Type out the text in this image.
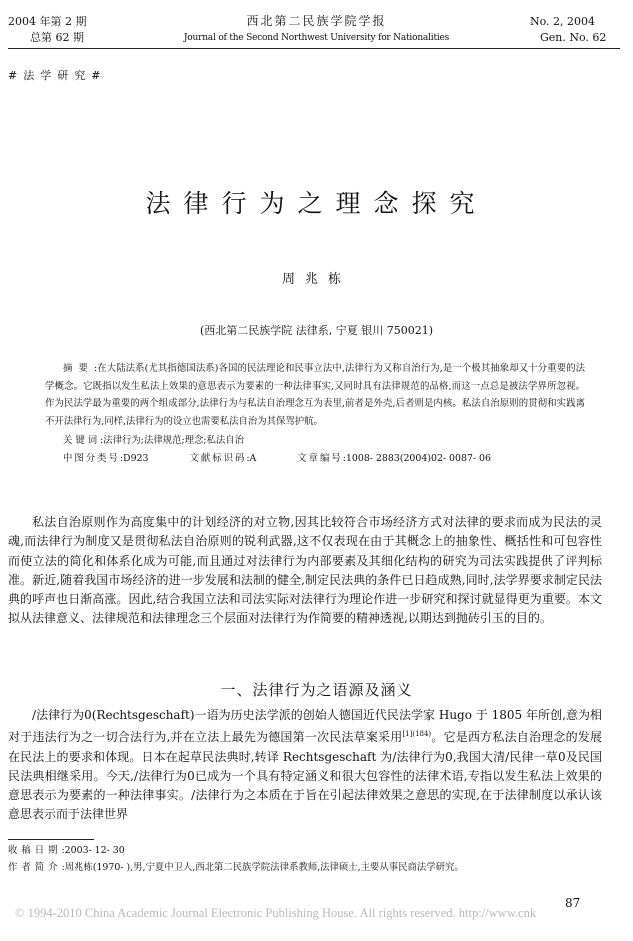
2004 年第 2 期
总第 62 期
西北第二民族学院学报
Journal of the Second Northwest University for Nationalities
No. 2, 2004
Gen. No. 62
#法学研究#
法律行为之理念探究
周兆栋
(西北第二民族学院 法律系, 宁夏 银川 750021)
摘要:在大陆法系(尤其指德国法系)各国的民法理论和民事立法中,法律行为又称自治行为,是一个极其抽象却又十分重要的法学概念。它既指以发生私法上效果的意思表示为要素的一种法律事实,又同时具有法律规范的品格,而这一点总是被法学界所忽视。作为民法学最为重要的两个组成部分,法律行为与私法自治理念互为表里,前者是外壳,后者则是内核。私法自治原则的贯彻和实践离不开法律行为,同样,法律行为的设立也需要私法自治为其保驾护航。
关键词:法律行为;法律规范;理念;私法自治
中图分类号:D923	文献标识码:A	文章编号:1008- 2883(2004)02- 0087- 06

私法自治原则作为高度集中的计划经济的对立物,因其比较符合市场经济方式对法律的要求而成为民法的灵魂,而法律行为制度又是贯彻私法自治原则的锐利武器,这不仅表现在由于其概念上的抽象性、概括性和可包容性而使立法的简化和体系化成为可能,而且通过对法律行为内部要素及其细化结构的研究为司法实践提供了评判标准。新近,随着我国市场经济的进一步发展和法制的健全,制定民法典的条件已日趋成熟,同时,法学界要求制定民法典的呼声也日渐高涨。因此,结合我国立法和司法实际对法律行为理论作进一步研究和探讨就显得更为重要。本文拟从法律意义、法律规范和法律理念三个层面对法律行为作简要的精神透视,以期达到抛砖引玉的目的。

一、法律行为之语源及涵义

/法律行为0(Rechtsgeschaft)一语为历史法学派的创始人德国近代民法学家 Hugo 于 1805 年所创,意为相对于违法行为之一切合法行为,并在立法上最先为德国第一次民法草案采用$^{[1](184)}$。它是西方私法自治理念的发展在民法上的要求和体现。日本在起草民法典时,转译 Rechtsgeschaft 为/法律行为0,我国大清/民律一草0及民国民法典相继采用。今天,/法律行为0已成为一个具有特定涵义和很大包容性的法律术语,专指以发生私法上效果的意思表示为要素的一种法律事实。/法律行为之本质在于旨在引起法律效果之意思的实现,在于法律制度以承认该意思表示而于法律世界

收稿日期:2003- 12- 30
作者简介:周兆栋(1970- ),男,宁夏中卫人,西北第二民族学院法律系教师,法律硕士,主要从事民商法学研究。
87
© 1994-2010 China Academic Journal Electronic Publishing House. All rights reserved. http://www.cnk
